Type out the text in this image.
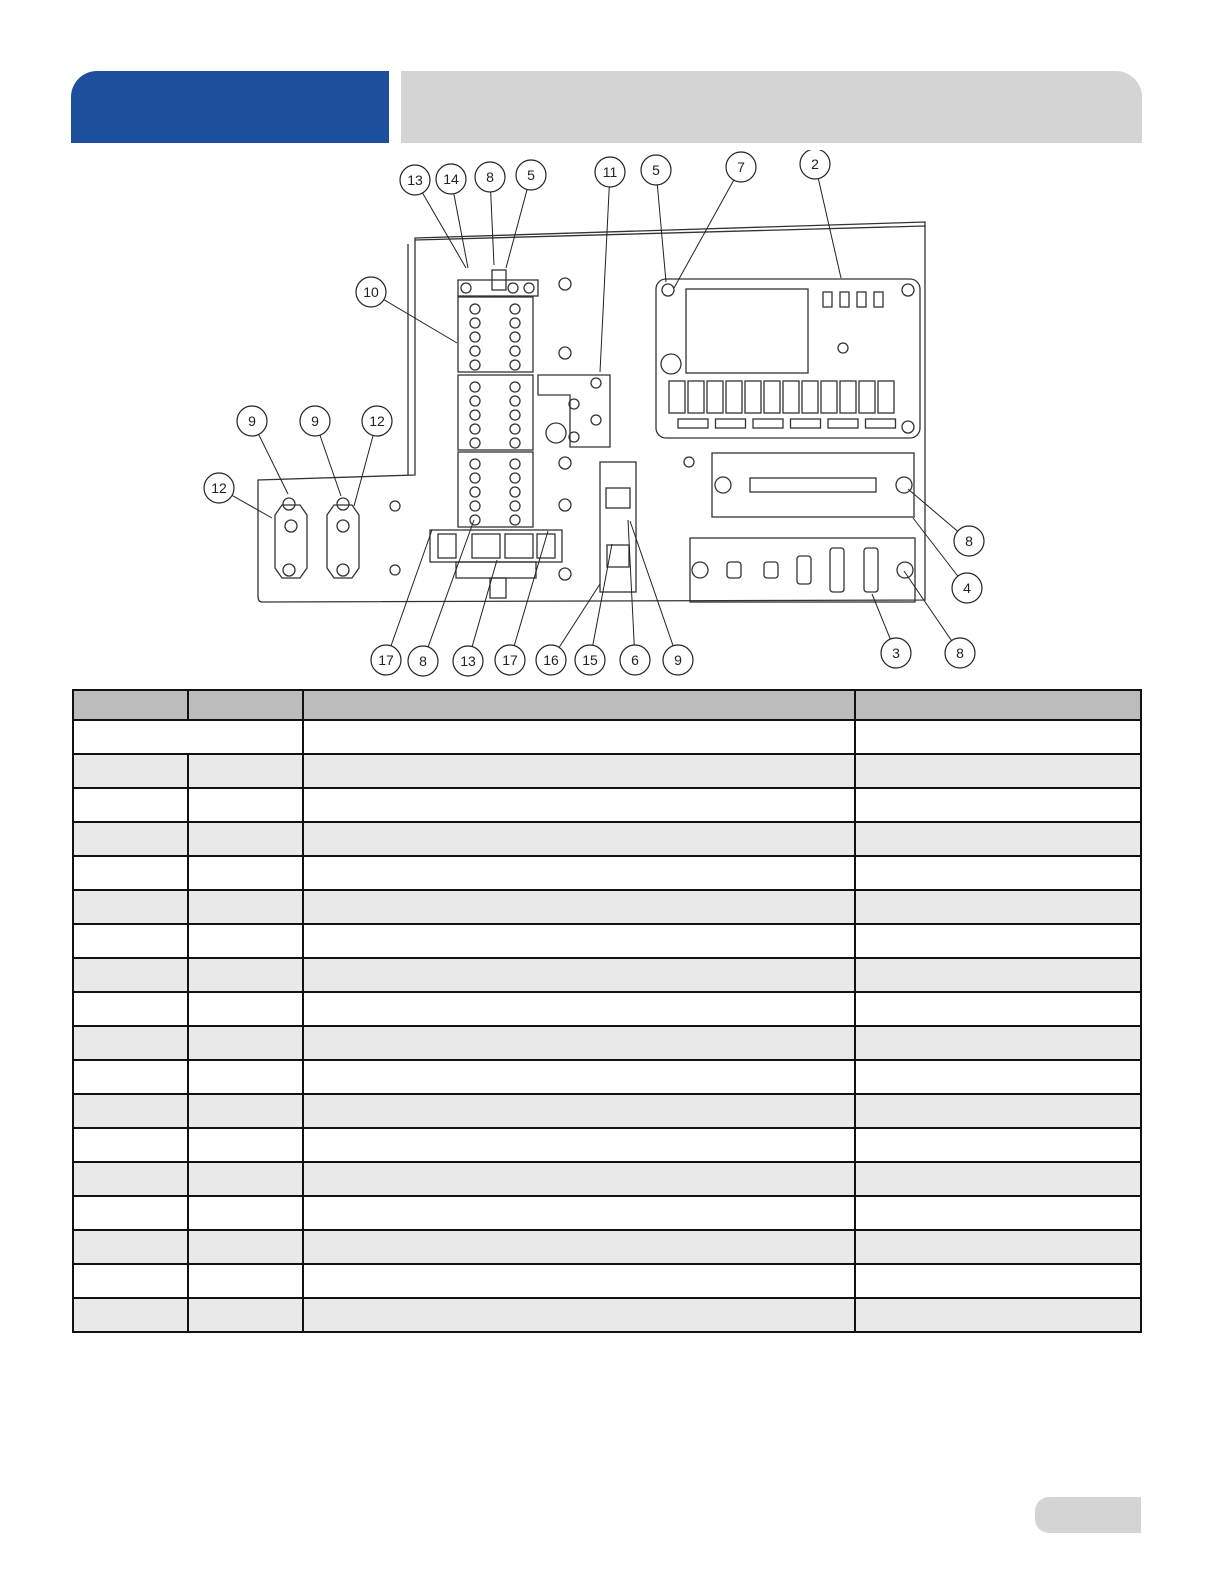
13 14 8 5	11 5	7	2
10
9	9	12
12
8
4
3	8
17 8 13 17 16 15 6	9
